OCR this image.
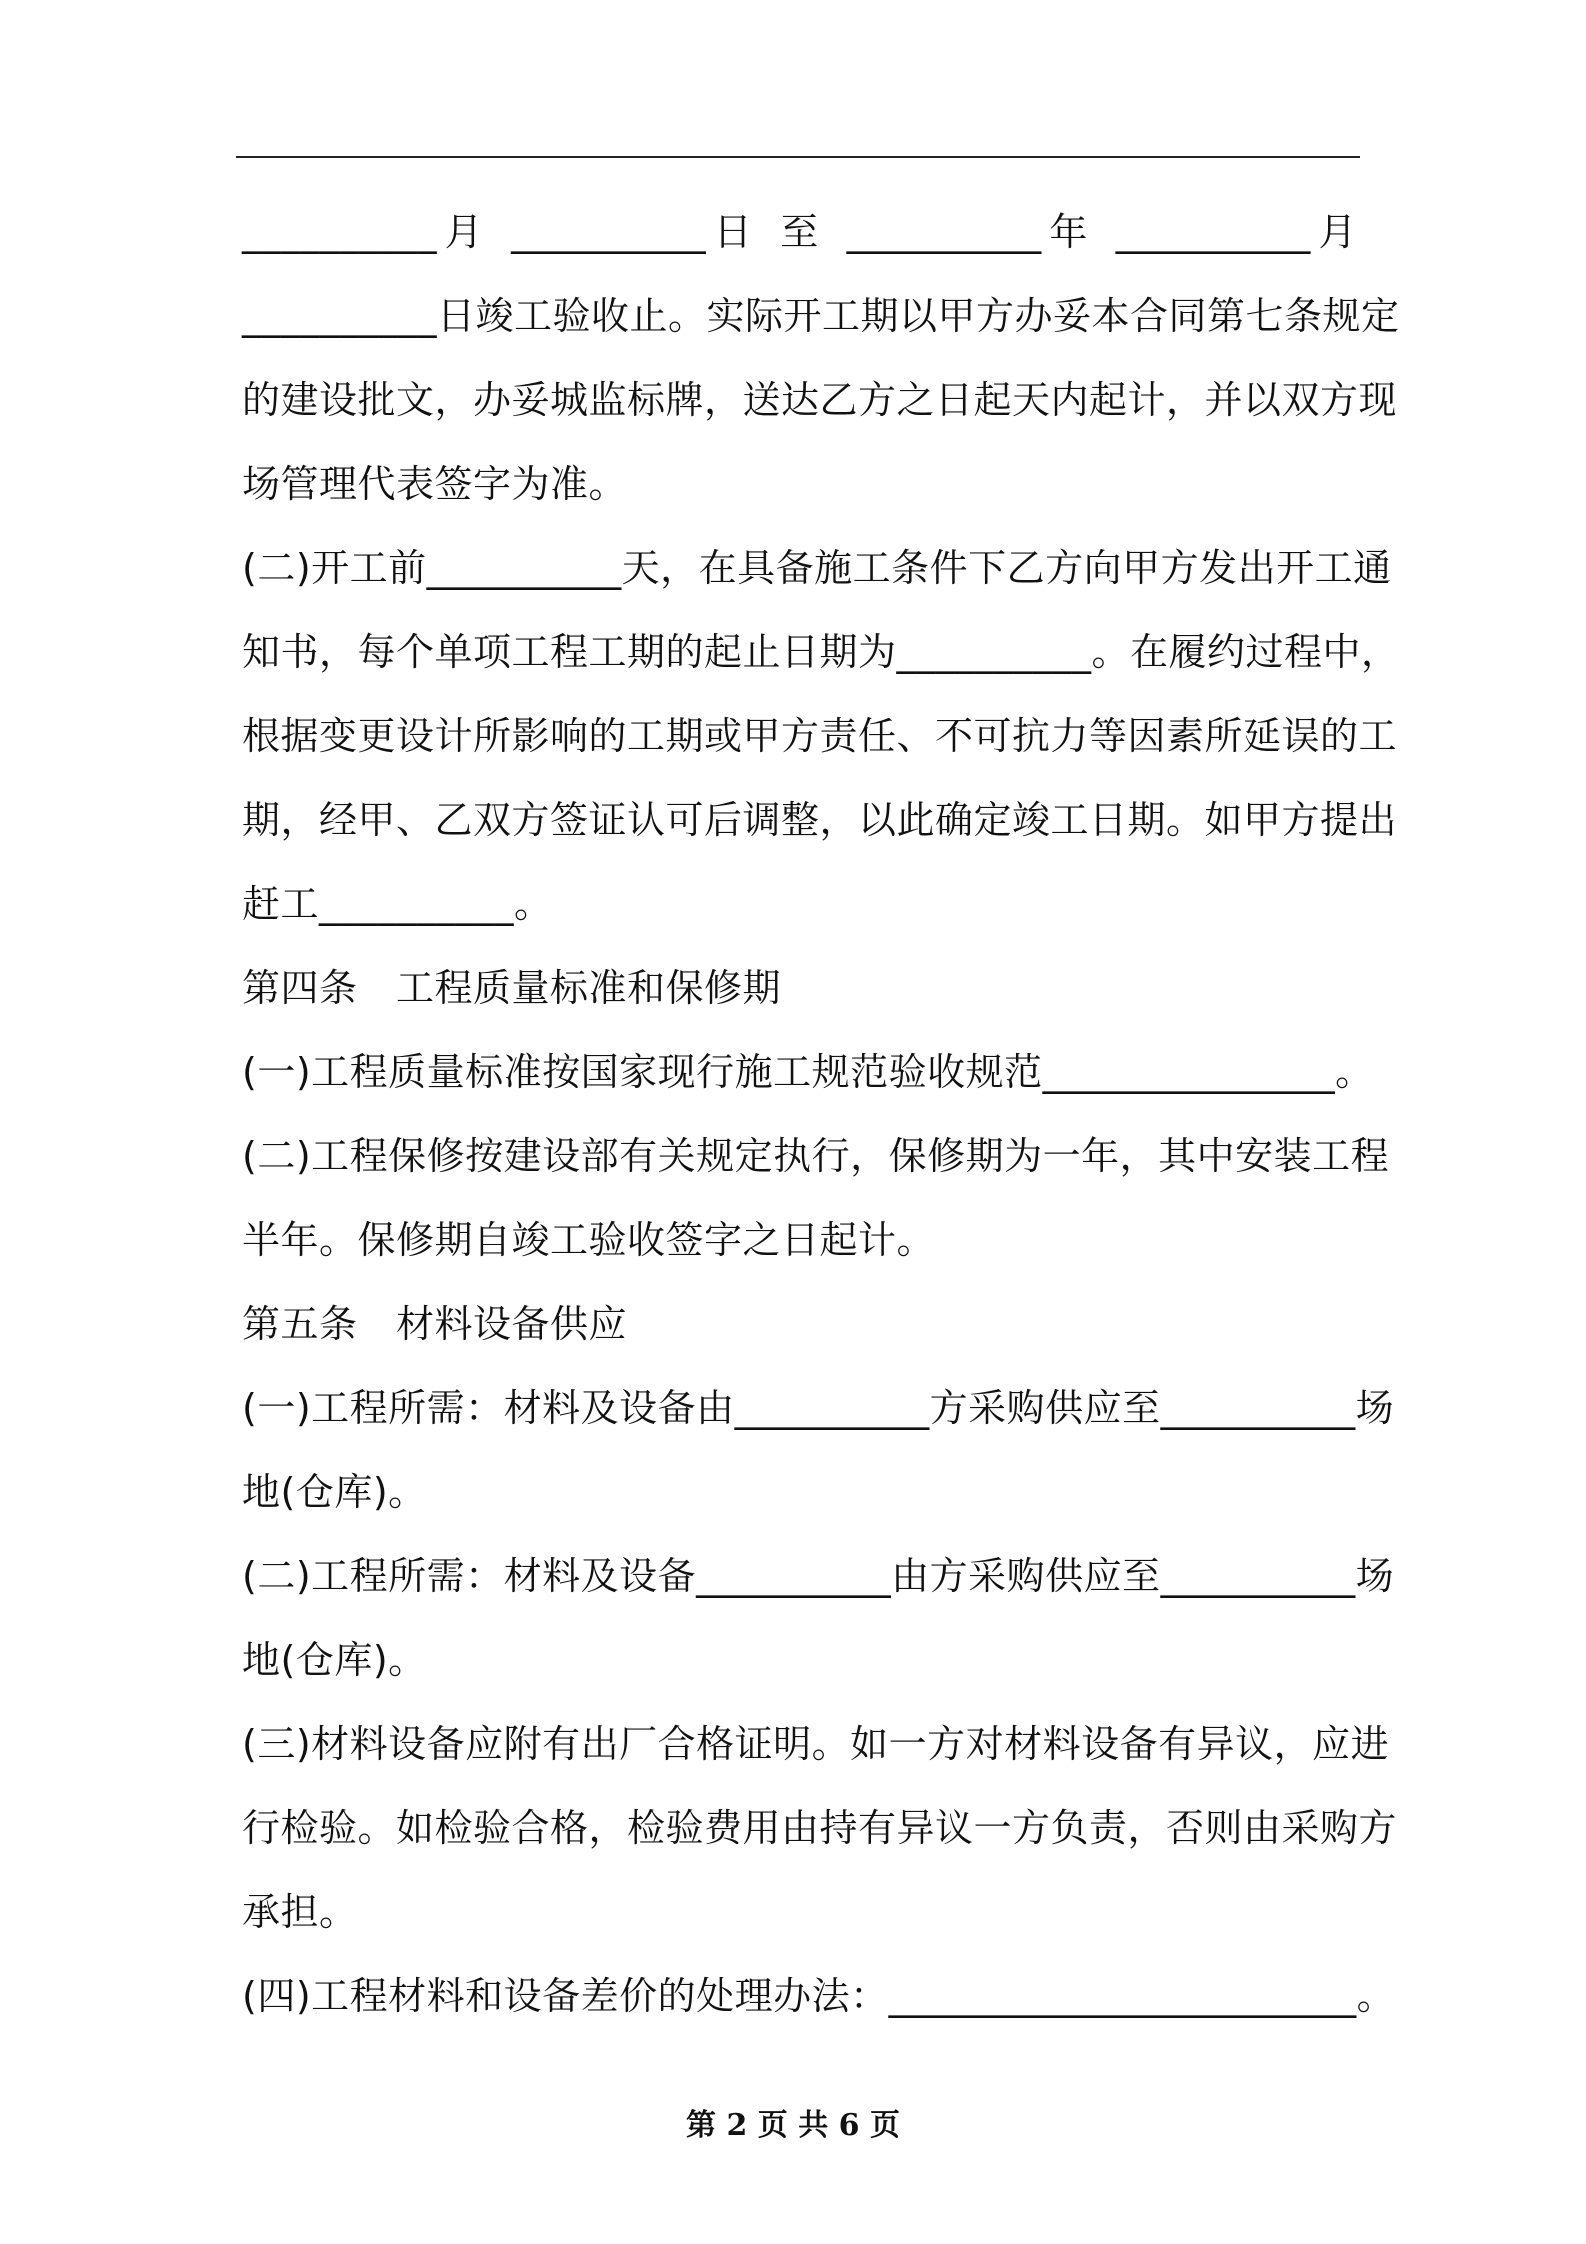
__________月 __________日 至 __________年 __________月
__________日竣工验收止。实际开工期以甲方办妥本合同第七条规定
的建设批文，办妥城监标牌，送达乙方之日起天内起计，并以双方现
场管理代表签字为准。
(二)开工前__________天，在具备施工条件下乙方向甲方发出开工通
知书，每个单项工程工期的起止日期为__________。在履约过程中，
根据变更设计所影响的工期或甲方责任、不可抗力等因素所延误的工
期，经甲、乙双方签证认可后调整，以此确定竣工日期。如甲方提出
赶工__________。
第四条　工程质量标准和保修期
(一)工程质量标准按国家现行施工规范验收规范_______________。
(二)工程保修按建设部有关规定执行，保修期为一年，其中安装工程
半年。保修期自竣工验收签字之日起计。
第五条　材料设备供应
(一)工程所需：材料及设备由__________方采购供应至__________场
地(仓库)。
(二)工程所需：材料及设备__________由方采购供应至__________场
地(仓库)。
(三)材料设备应附有出厂合格证明。如一方对材料设备有异议，应进
行检验。如检验合格，检验费用由持有异议一方负责，否则由采购方
承担。
(四)工程材料和设备差价的处理办法：________________________。
第 2 页 共 6 页
